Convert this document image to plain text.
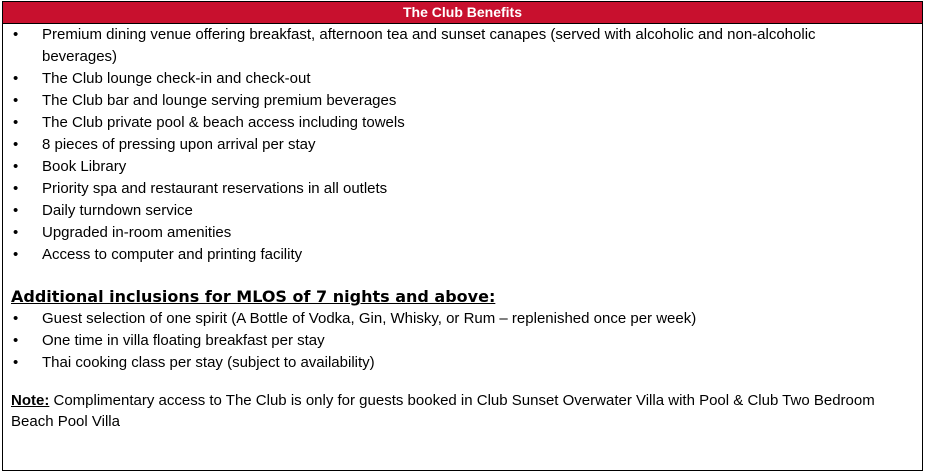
The Club Benefits
• Premium dining venue offering breakfast, afternoon tea and sunset canapes (served with alcoholic and non-alcoholic beverages)
• The Club lounge check-in and check-out
• The Club bar and lounge serving premium beverages
• The Club private pool & beach access including towels
• 8 pieces of pressing upon arrival per stay
• Book Library
• Priority spa and restaurant reservations in all outlets
• Daily turndown service
• Upgraded in-room amenities
• Access to computer and printing facility
Additional inclusions for MLOS of 7 nights and above:
• Guest selection of one spirit (A Bottle of Vodka, Gin, Whisky, or Rum – replenished once per week)
• One time in villa floating breakfast per stay
• Thai cooking class per stay (subject to availability)
Note: Complimentary access to The Club is only for guests booked in Club Sunset Overwater Villa with Pool & Club Two Bedroom Beach Pool Villa
